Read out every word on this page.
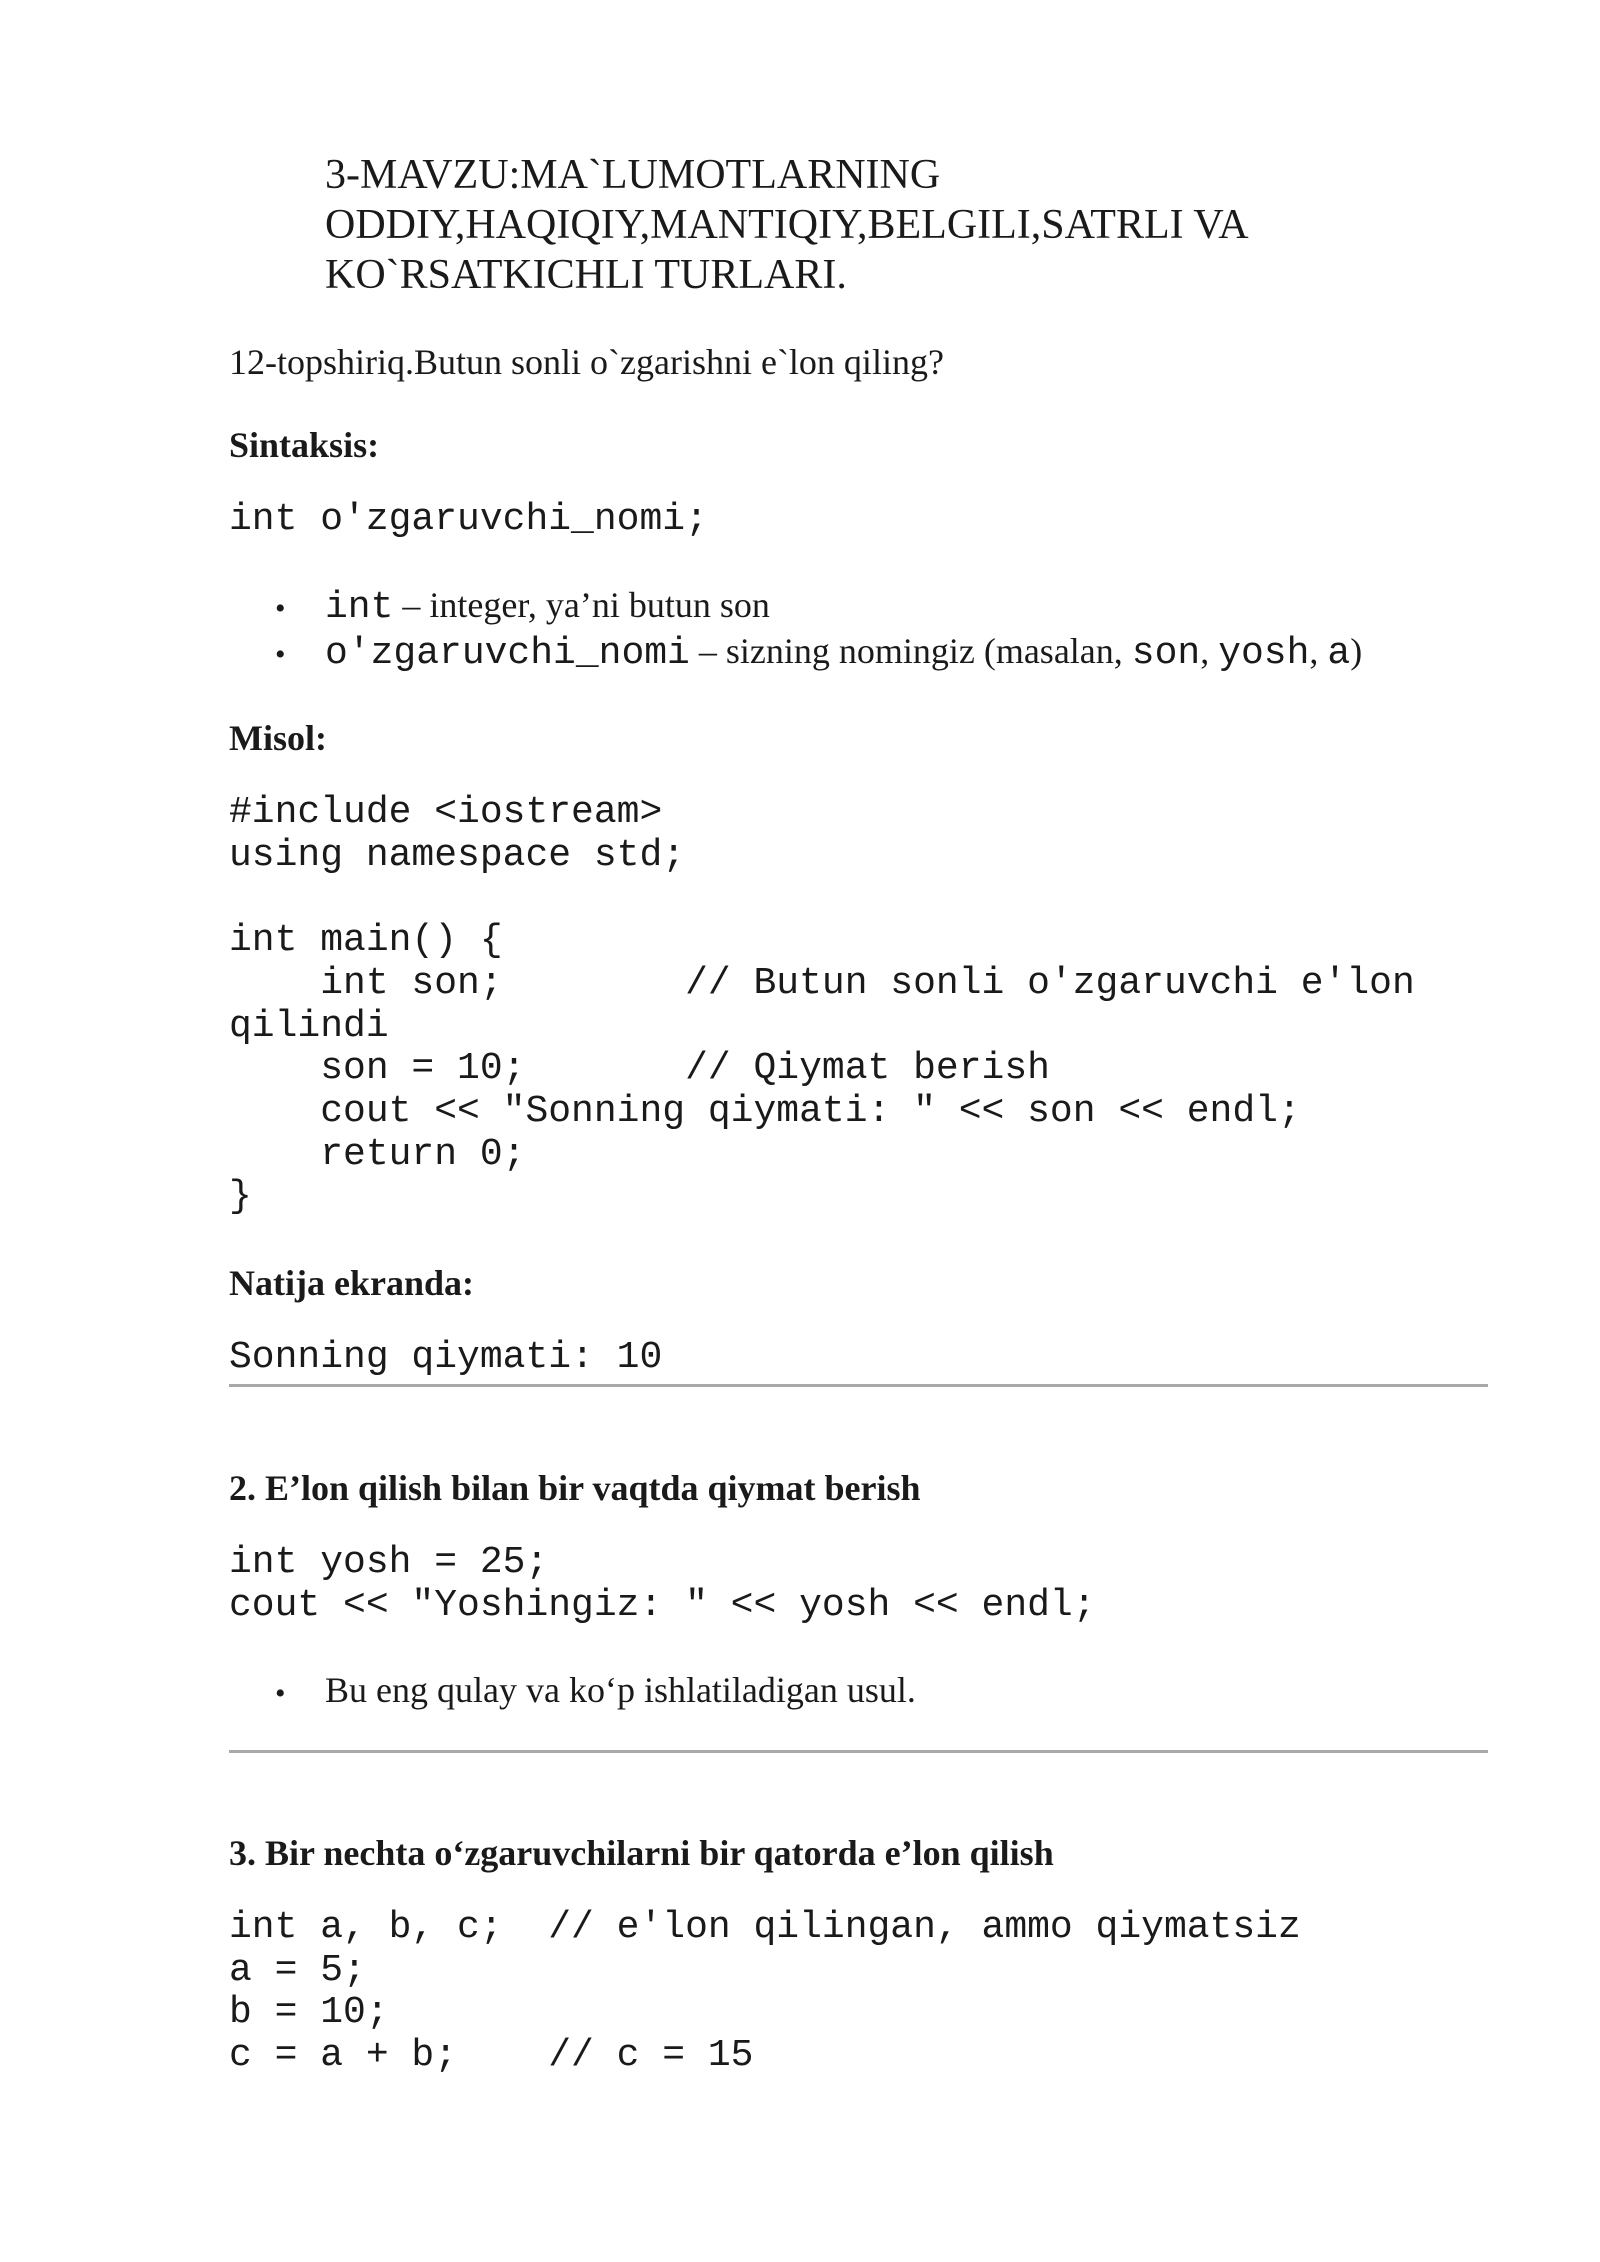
3-MAVZU:MA`LUMOTLARNING
ODDIY,HAQIQIY,MANTIQIY,BELGILI,SATRLI VA
KO`RSATKICHLI TURLARI.
12-topshiriq.Butun sonli o`zgarishni e`lon qiling?
Sintaksis:
int o'zgaruvchi_nomi;
• int – integer, ya’ni butun son
• o'zgaruvchi_nomi – sizning nomingiz (masalan, son, yosh, a)
Misol:
#include <iostream>
using namespace std;

int main() {
int son;        // Butun sonli o'zgaruvchi e'lon
qilindi
son = 10;       // Qiymat berish
cout << "Sonning qiymati: " << son << endl;
return 0;
}
Natija ekranda:
Sonning qiymati: 10
2. E’lon qilish bilan bir vaqtda qiymat berish
int yosh = 25;
cout << "Yoshingiz: " << yosh << endl;
• Bu eng qulay va ko‘p ishlatiladigan usul.
3. Bir nechta o‘zgaruvchilarni bir qatorda e’lon qilish
int a, b, c;  // e'lon qilingan, ammo qiymatsiz
a = 5;
b = 10;
c = a + b;    // c = 15
